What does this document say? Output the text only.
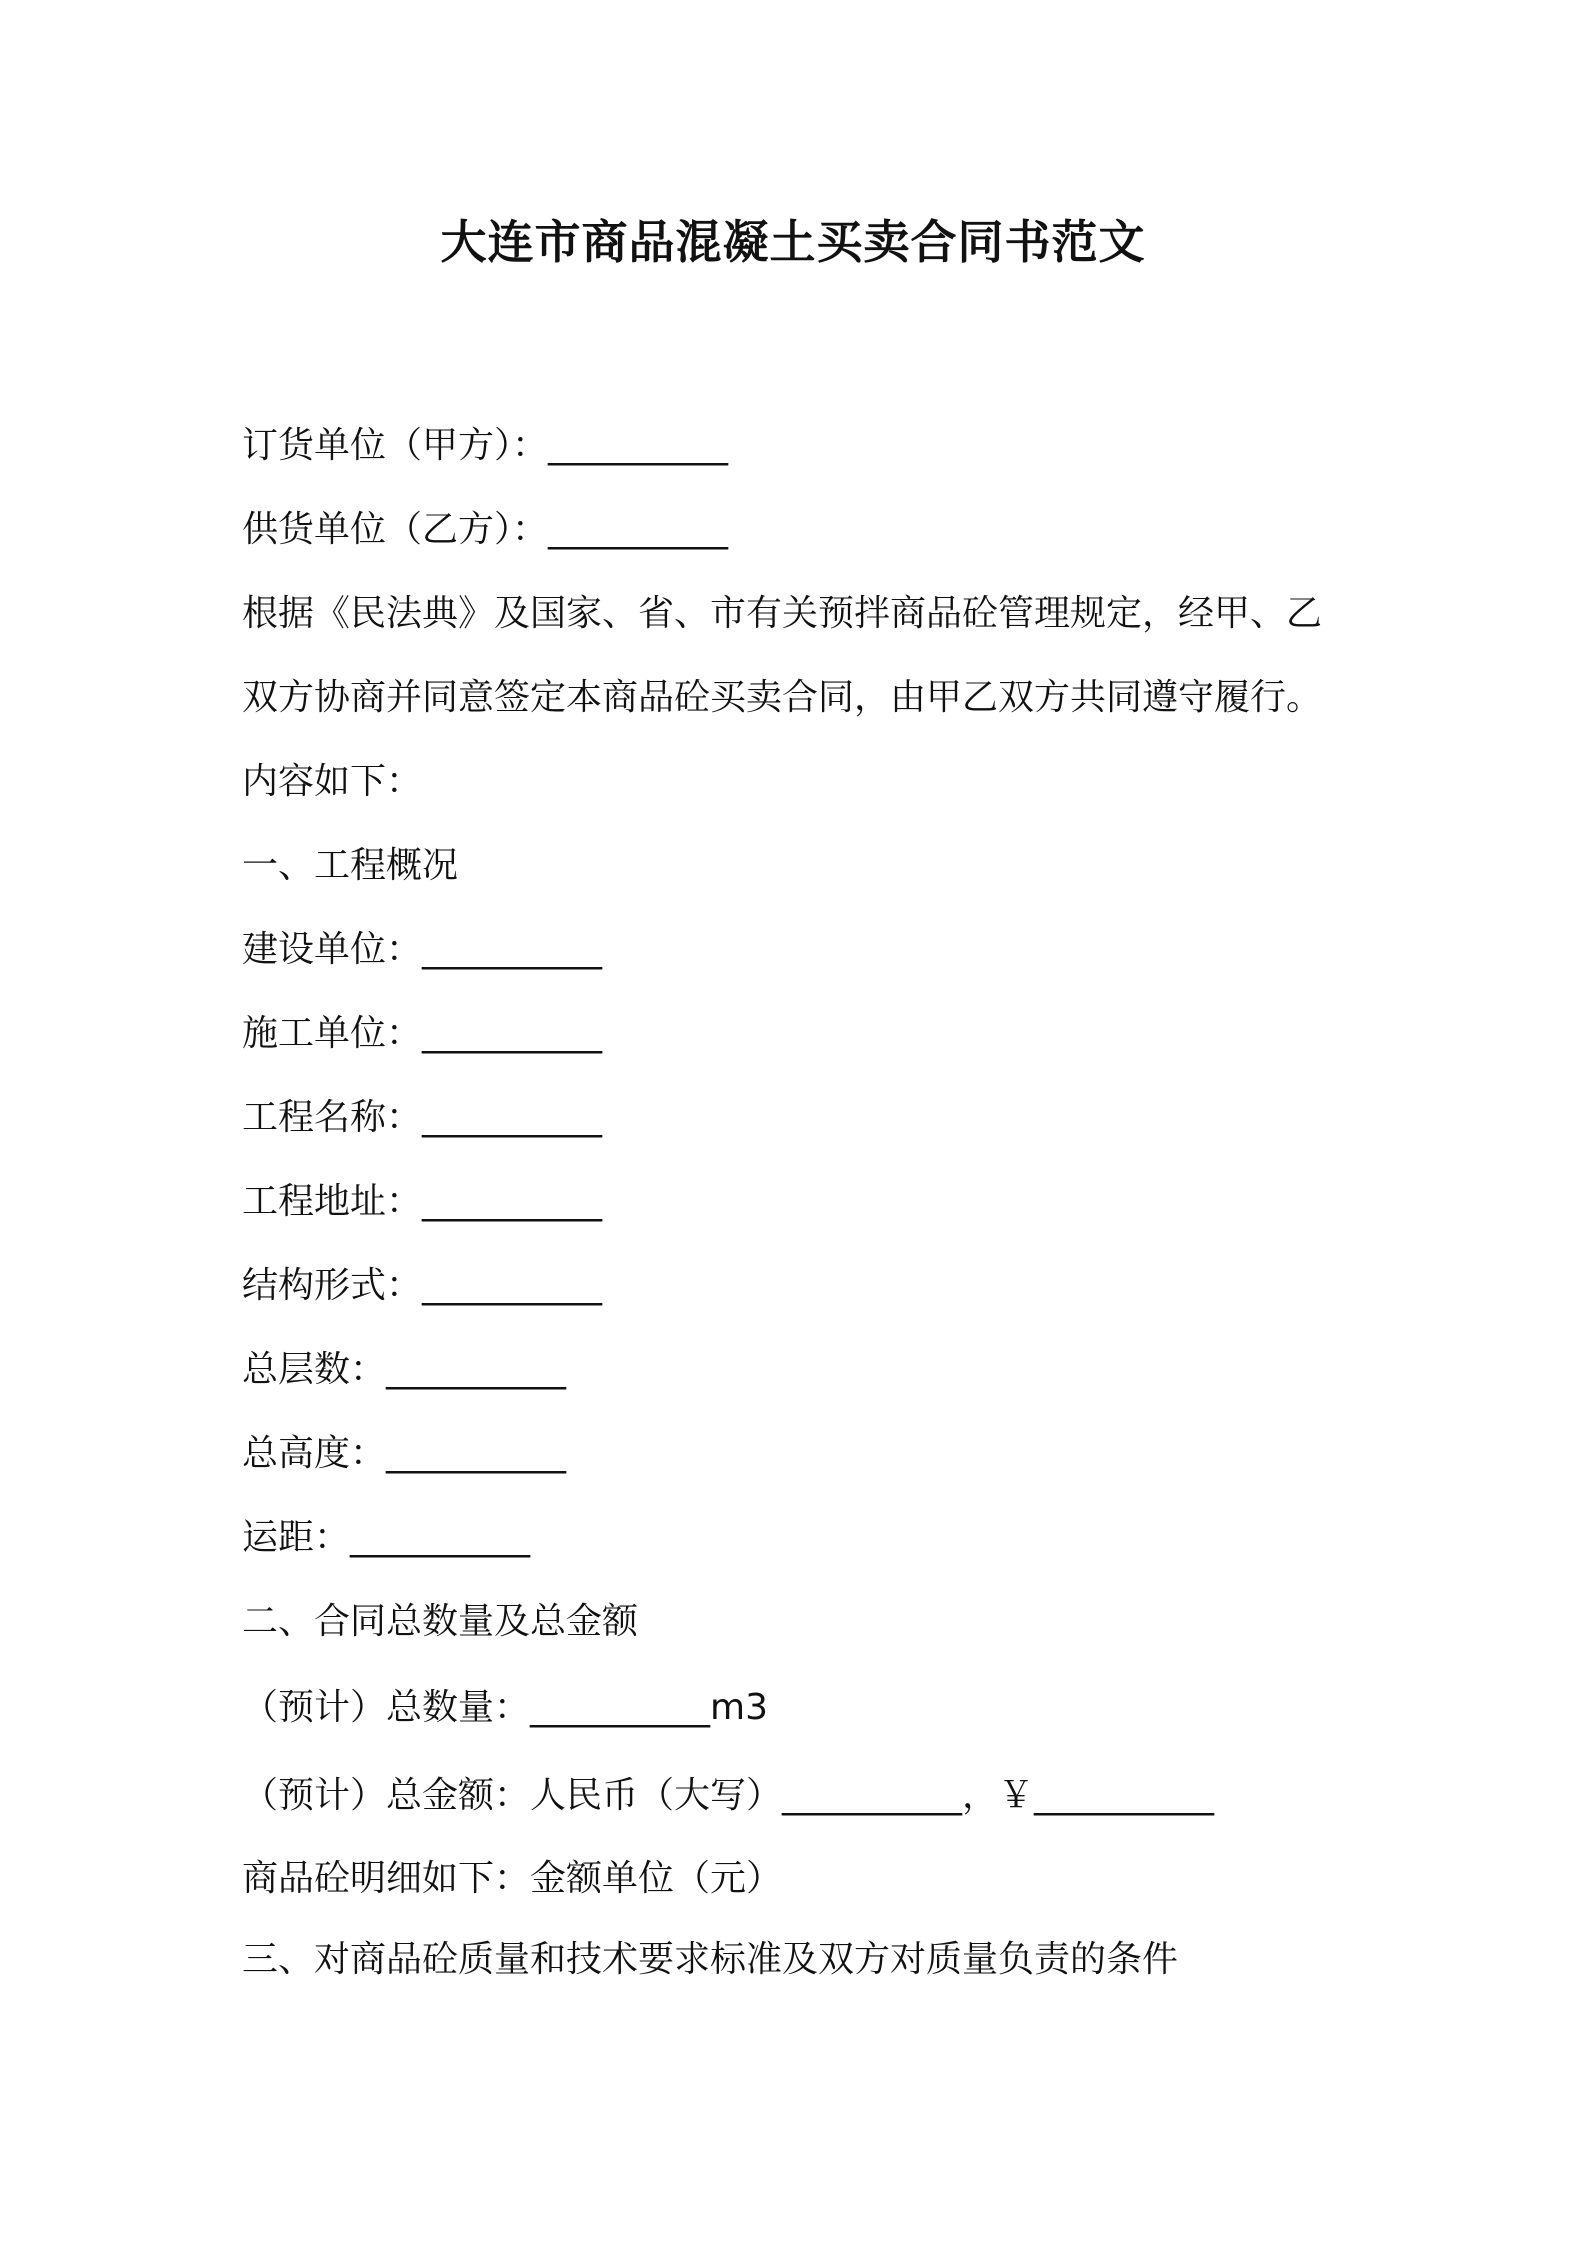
大连市商品混凝土买卖合同书范文

订货单位（甲方）：__________

供货单位（乙方）：__________

根据《民法典》及国家、省、市有关预拌商品砼管理规定，经甲、乙

双方协商并同意签定本商品砼买卖合同，由甲乙双方共同遵守履行。

内容如下：

一、工程概况

建设单位：__________

施工单位：__________

工程名称：__________

工程地址：__________

结构形式：__________

总层数：__________

总高度：__________

运距：__________

二、合同总数量及总金额

（预计）总数量：__________m3

（预计）总金额：人民币（大写）__________，￥__________

商品砼明细如下：金额单位（元）

三、对商品砼质量和技术要求标准及双方对质量负责的条件
